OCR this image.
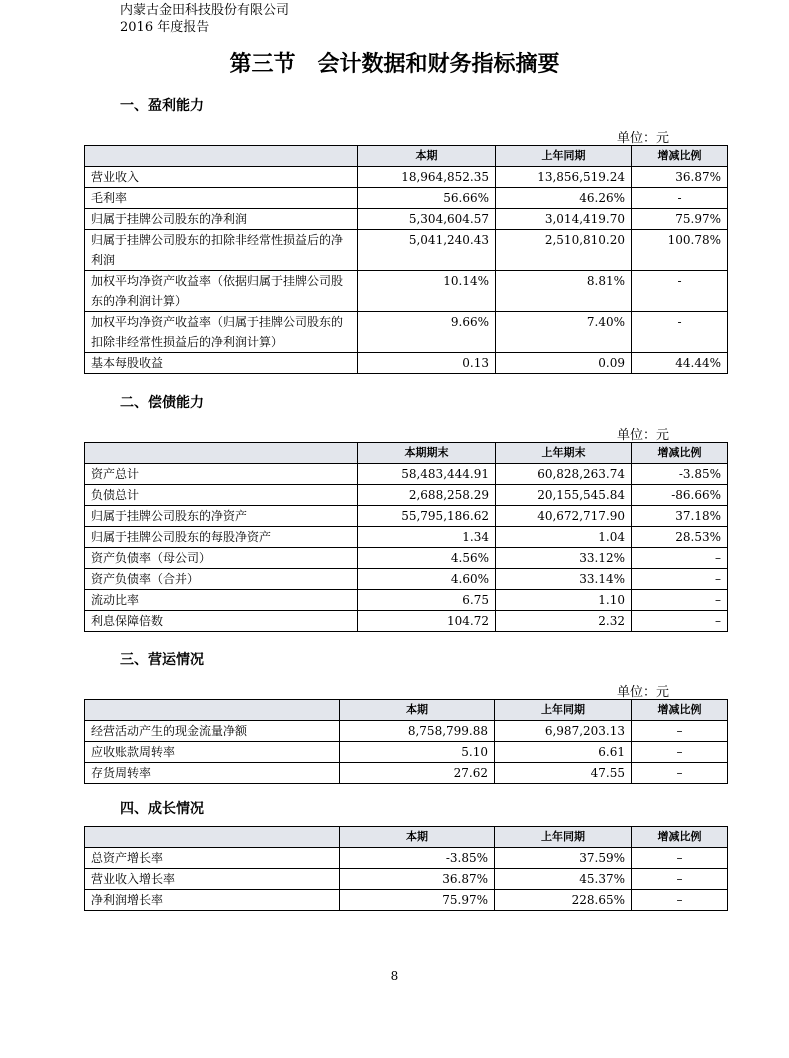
内蒙古金田科技股份有限公司
2016 年度报告
第三节　会计数据和财务指标摘要
一、盈利能力
单位：元
	本期	上年同期	增减比例
营业收入	18,964,852.35	13,856,519.24	36.87%
毛利率	56.66%	46.26%	-
归属于挂牌公司股东的净利润	5,304,604.57	3,014,419.70	75.97%
归属于挂牌公司股东的扣除非经常性损益后的净利润	5,041,240.43	2,510,810.20	100.78%
加权平均净资产收益率（依据归属于挂牌公司股东的净利润计算）	10.14%	8.81%	-
加权平均净资产收益率（归属于挂牌公司股东的扣除非经常性损益后的净利润计算）	9.66%	7.40%	-
基本每股收益	0.13	0.09	44.44%
二、偿债能力
单位：元
	本期期末	上年期末	增减比例
资产总计	58,483,444.91	60,828,263.74	-3.85%
负债总计	2,688,258.29	20,155,545.84	-86.66%
归属于挂牌公司股东的净资产	55,795,186.62	40,672,717.90	37.18%
归属于挂牌公司股东的每股净资产	1.34	1.04	28.53%
资产负债率（母公司）	4.56%	33.12%	–
资产负债率（合并）	4.60%	33.14%	–
流动比率	6.75	1.10	–
利息保障倍数	104.72	2.32	–
三、营运情况
单位：元
	本期	上年同期	增减比例
经营活动产生的现金流量净额	8,758,799.88	6,987,203.13	–
应收账款周转率	5.10	6.61	–
存货周转率	27.62	47.55	–
四、成长情况
	本期	上年同期	增减比例
总资产增长率	-3.85%	37.59%	–
营业收入增长率	36.87%	45.37%	–
净利润增长率	75.97%	228.65%	–
8
